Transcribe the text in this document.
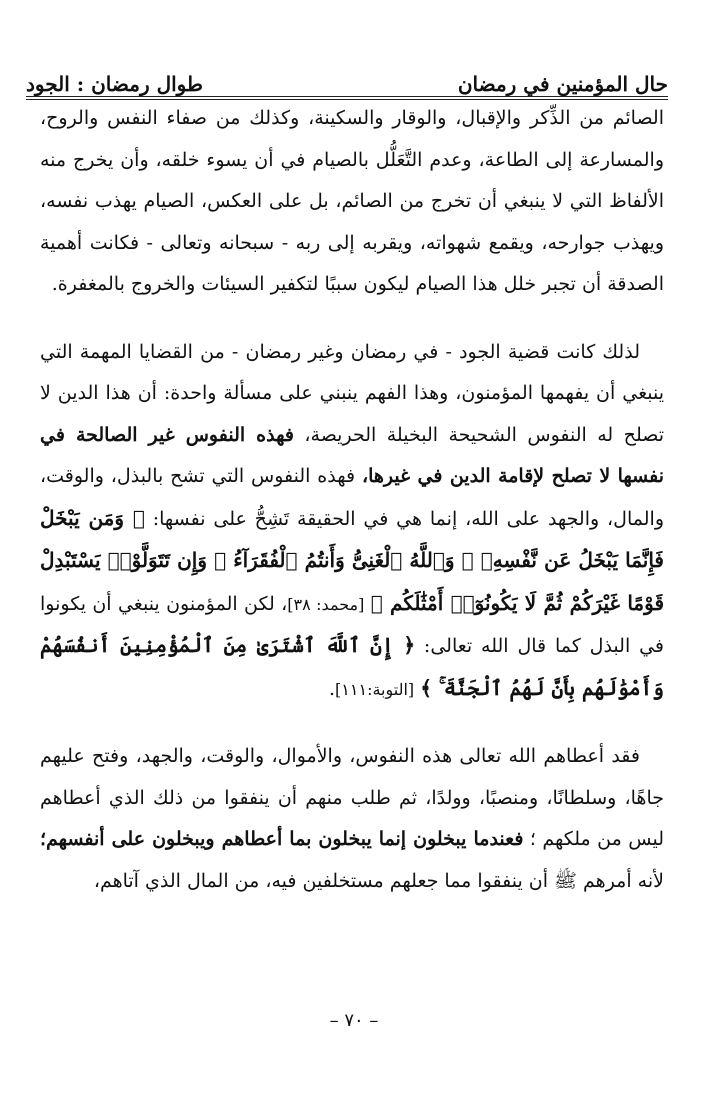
حال المؤمنين في رمضان
طوال رمضان : الجود

الصائم من الذِّكر والإقبال، والوقار والسكينة، وكذلك من صفاء النفس والروح، والمسارعة إلى الطاعة، وعدم التَّعَلُّل بالصيام في أن يسوء خلقه، وأن يخرج منه الألفاظ التي لا ينبغي أن تخرج من الصائم، بل على العكس، الصيام يهذب نفسه، ويهذب جوارحه، ويقمع شهواته، ويقربه إلى ربه - سبحانه وتعالى - فكانت أهمية الصدقة أن تجبر خلل هذا الصيام ليكون سببًا لتكفير السيئات والخروج بالمغفرة.

لذلك كانت قضية الجود - في رمضان وغير رمضان - من القضايا المهمة التي ينبغي أن يفهمها المؤمنون، وهذا الفهم ينبني على مسألة واحدة: أن هذا الدين لا تصلح له النفوس الشحيحة البخيلة الحريصة، فهذه النفوس غير الصالحة في نفسها لا تصلح لإقامة الدين في غيرها، فهذه النفوس التي تشح بالبذل، والوقت، والمال، والجهد على الله، إنما هي في الحقيقة تَشِحُّ على نفسها: ﴿ وَمَن يَبْخَلْ فَإِنَّمَا يَبْخَلُ عَن نَّفْسِهِۦ ۚ وَٱللَّهُ ٱلْغَنِىُّ وَأَنتُمُ ٱلْفُقَرَآءُ ۚ وَإِن تَتَوَلَّوْا۟ يَسْتَبْدِلْ قَوْمًا غَيْرَكُمْ ثُمَّ لَا يَكُونُوٓا۟ أَمْثَٰلَكُم ﴾ [محمد: ٣٨]، لكن المؤمنون ينبغي أن يكونوا في البذل كما قال الله تعالى: ﴿ إِنَّ ٱللَّهَ ٱشْتَرَىٰ مِنَ ٱلْمُؤْمِنِينَ أَنفُسَهُمْ وَأَمْوَٰلَهُم بِأَنَّ لَهُمُ ٱلْجَنَّةَ ۚ ﴾ [التوبة:١١١].

فقد أعطاهم الله تعالى هذه النفوس، والأموال، والوقت، والجهد، وفتح عليهم جاهًا، وسلطانًا، ومنصبًا، وولدًا، ثم طلب منهم أن ينفقوا من ذلك الذي أعطاهم ليس من ملكهم ؛ فعندما يبخلون إنما يبخلون بما أعطاهم ويبخلون على أنفسهم؛ لأنه أمرهم ﷺ أن ينفقوا مما جعلهم مستخلفين فيه، من المال الذي آتاهم،

– ٧٠ –
